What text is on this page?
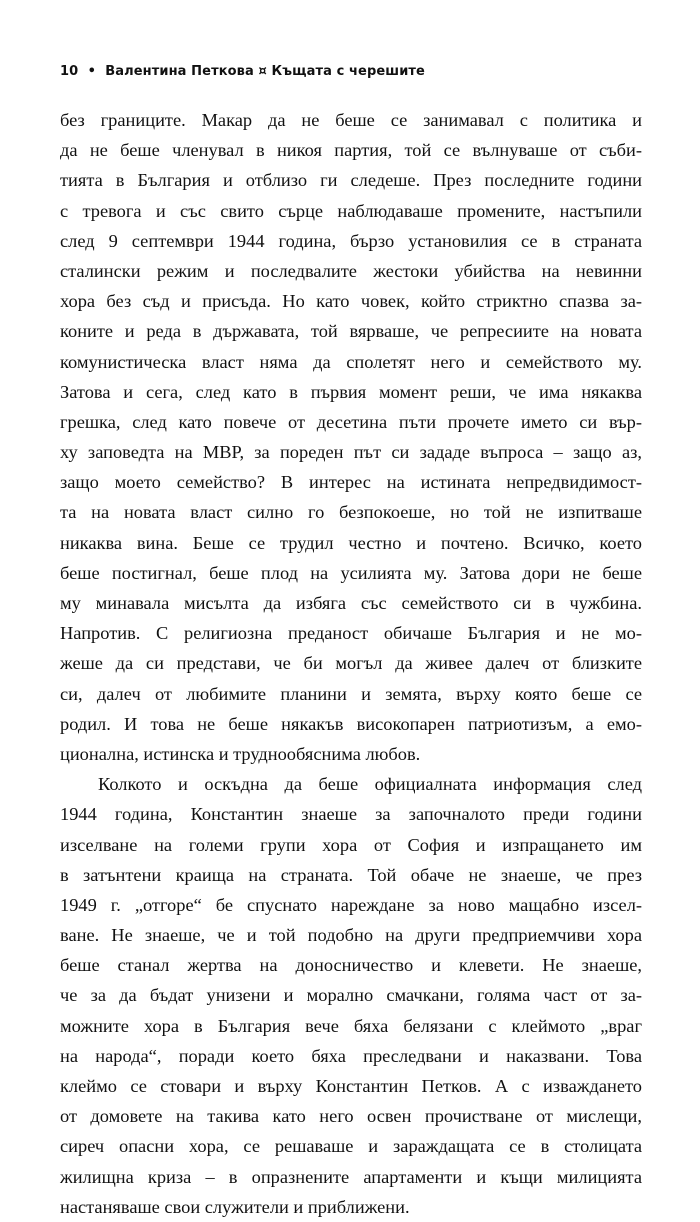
10 • Валентина Петкова ¤ Къщата с черешите
без границите. Макар да не беше се занимавал с политика и
да не беше членувал в никоя партия, той се вълнуваше от съби-
тията в България и отблизо ги следеше. През последните години
с тревога и със свито сърце наблюдаваше промените, настъпили
след 9 септември 1944 година, бързо установилия се в страната
сталински режим и последвалите жестоки убийства на невинни
хора без съд и присъда. Но като човек, който стриктно спазва за-
коните и реда в държавата, той вярваше, че репресиите на новата
комунистическа власт няма да сполетят него и семейството му.
Затова и сега, след като в първия момент реши, че има някаква
грешка, след като повече от десетина пъти прочете името си вър-
ху заповедта на МВР, за пореден път си зададе въпроса – защо аз,
защо моето семейство? В интерес на истината непредвидимост-
та на новата власт силно го безпокоеше, но той не изпитваше
никаква вина. Беше се трудил честно и почтено. Всичко, което
беше постигнал, беше плод на усилията му. Затова дори не беше
му минавала мисълта да избяга със семейството си в чужбина.
Напротив. С религиозна преданост обичаше България и не мо-
жеше да си представи, че би могъл да живее далеч от близките
си, далеч от любимите планини и земята, върху която беше се
родил. И това не беше някакъв високопарен патриотизъм, а емо-
ционална, истинска и труднообяснима любов.
Колкото и оскъдна да беше официалната информация след
1944 година, Константин знаеше за започналото преди години
изселване на големи групи хора от София и изпращането им
в затънтени краища на страната. Той обаче не знаеше, че през
1949 г. „отгоре“ бе спуснато нареждане за ново мащабно изсел-
ване. Не знаеше, че и той подобно на други предприемчиви хора
беше станал жертва на доносничество и клевети. Не знаеше,
че за да бъдат унизени и морално смачкани, голяма част от за-
можните хора в България вече бяха белязани с клеймото „враг
на народа“, поради което бяха преследвани и наказвани. Това
клеймо се стовари и върху Константин Петков. А с изваждането
от домовете на такива като него освен прочистване от мислещи,
сиреч опасни хора, се решаваше и зараждащата се в столицата
жилищна криза – в опразнените апартаменти и къщи милицията
настаняваше свои служители и приближени.
